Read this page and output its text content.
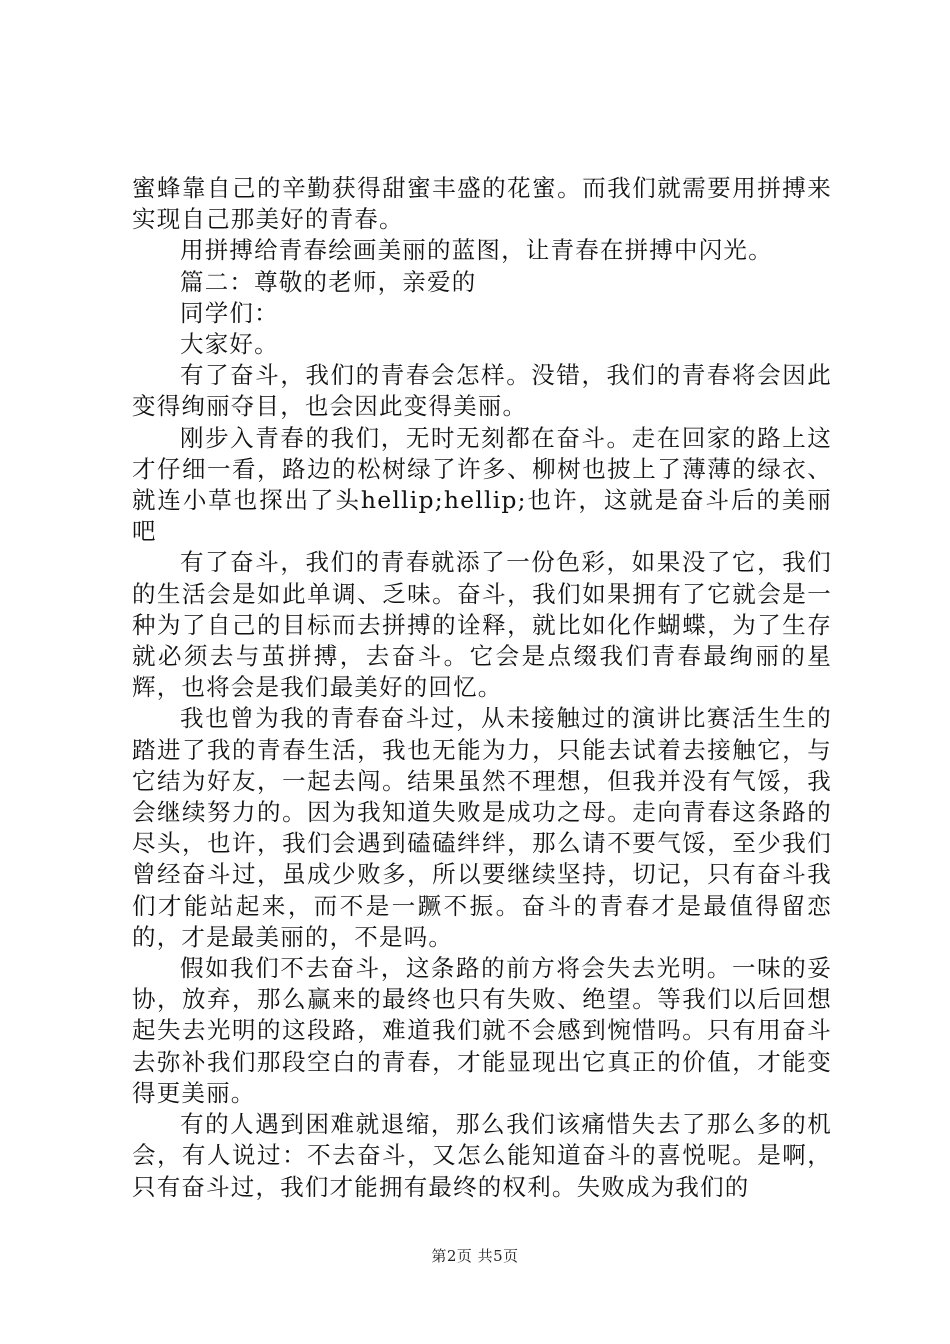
蜜蜂靠自己的辛勤获得甜蜜丰盛的花蜜。而我们就需要用拼搏来实现自己那美好的青春。

用拼搏给青春绘画美丽的蓝图，让青春在拼搏中闪光。

篇二：尊敬的老师，亲爱的

同学们：

大家好。

有了奋斗，我们的青春会怎样。没错，我们的青春将会因此变得绚丽夺目，也会因此变得美丽。

刚步入青春的我们，无时无刻都在奋斗。走在回家的路上这才仔细一看，路边的松树绿了许多、柳树也披上了薄薄的绿衣、就连小草也探出了头hellip;hellip;也许，这就是奋斗后的美丽吧

有了奋斗，我们的青春就添了一份色彩，如果没了它，我们的生活会是如此单调、乏味。奋斗，我们如果拥有了它就会是一种为了自己的目标而去拼搏的诠释，就比如化作蝴蝶，为了生存就必须去与茧拼搏，去奋斗。它会是点缀我们青春最绚丽的星辉，也将会是我们最美好的回忆。

我也曾为我的青春奋斗过，从未接触过的演讲比赛活生生的踏进了我的青春生活，我也无能为力，只能去试着去接触它，与它结为好友，一起去闯。结果虽然不理想，但我并没有气馁，我会继续努力的。因为我知道失败是成功之母。走向青春这条路的尽头，也许，我们会遇到磕磕绊绊，那么请不要气馁，至少我们曾经奋斗过，虽成少败多，所以要继续坚持，切记，只有奋斗我们才能站起来，而不是一蹶不振。奋斗的青春才是最值得留恋的，才是最美丽的，不是吗。

假如我们不去奋斗，这条路的前方将会失去光明。一味的妥协，放弃，那么赢来的最终也只有失败、绝望。等我们以后回想起失去光明的这段路，难道我们就不会感到惋惜吗。只有用奋斗去弥补我们那段空白的青春，才能显现出它真正的价值，才能变得更美丽。

有的人遇到困难就退缩，那么我们该痛惜失去了那么多的机会，有人说过：不去奋斗，又怎么能知道奋斗的喜悦呢。是啊，只有奋斗过，我们才能拥有最终的权利。失败成为我们的

第2页 共5页
